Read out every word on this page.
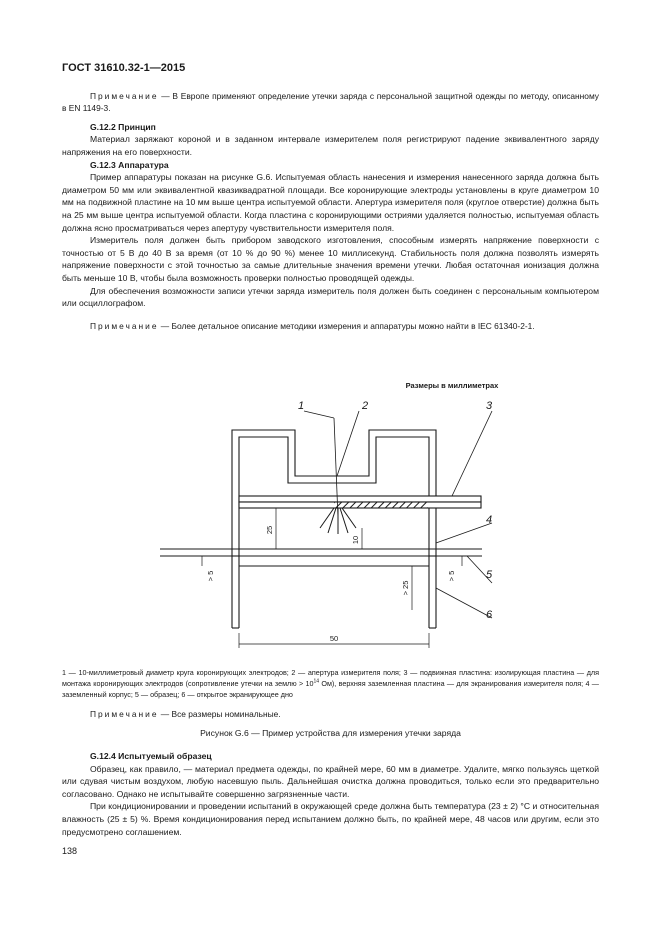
ГОСТ 31610.32-1—2015

Примечание — В Европе применяют определение утечки заряда с персональной защитной одежды по методу, описанному в EN 1149-3.

G.12.2 Принцип

Материал заряжают короной и в заданном интервале измерителем поля регистрируют падение эквивалентного заряду напряжения на его поверхности.

G.12.3 Аппаратура

Пример аппаратуры показан на рисунке G.6. Испытуемая область нанесения и измерения нанесенного заряда должна быть диаметром 50 мм или эквивалентной квазиквадратной площади. Все коронирующие электроды установлены в круге диаметром 10 мм на подвижной пластине на 10 мм выше центра испытуемой области. Апертура измерителя поля (круглое отверстие) должна быть на 25 мм выше центра испытуемой области. Когда пластина с коронирующими остриями удаляется полностью, испытуемая область должна ясно просматриваться через апертуру чувствительности измерителя поля.

Измеритель поля должен быть прибором заводского изготовления, способным измерять напряжение поверхности с точностью от 5 В до 40 В за время (от 10 % до 90 %) менее 10 миллисекунд. Стабильность поля должна позволять измерять напряжение поверхности с этой точностью за самые длительные значения времени утечки. Любая остаточная ионизация должна быть меньше 10 В, чтобы была возможность проверки полностью проводящей одежды.

Для обеспечения возможности записи утечки заряда измеритель поля должен быть соединен с персональным компьютером или осциллографом.

Примечание — Более детальное описание методики измерения и аппаратуры можно найти в IEC 61340-2-1.

Размеры в миллиметрах
25
10
> 5	> 5
> 25
50
1	2	3
4
5
6
1 — 10-миллиметровый диаметр круга коронирующих электродов; 2 — апертура измерителя поля; 3 — подвижная пластина: изолирующая пластина — для монтажа коронирующих электродов (сопротивление утечки на землю > $10^{14}$ Ом), верхняя заземленная пластина — для экранирования измерителя поля; 4 — заземленный корпус; 5 — образец; 6 — открытое экранирующее дно

Примечание — Все размеры номинальные.

Рисунок G.6 — Пример устройства для измерения утечки заряда

G.12.4 Испытуемый образец

Образец, как правило, — материал предмета одежды, по крайней мере, 60 мм в диаметре. Удалите, мягко пользуясь щеткой или сдувая чистым воздухом, любую насевшую пыль. Дальнейшая очистка должна проводиться, только если это предварительно согласовано. Однако не испытывайте совершенно загрязненные части.

При кондиционировании и проведении испытаний в окружающей среде должна быть температура (23 ± 2) °С и относительная влажность (25 ± 5) %. Время кондиционирования перед испытанием должно быть, по крайней мере, 48 часов или другим, если это предусмотрено соглашением.

138
